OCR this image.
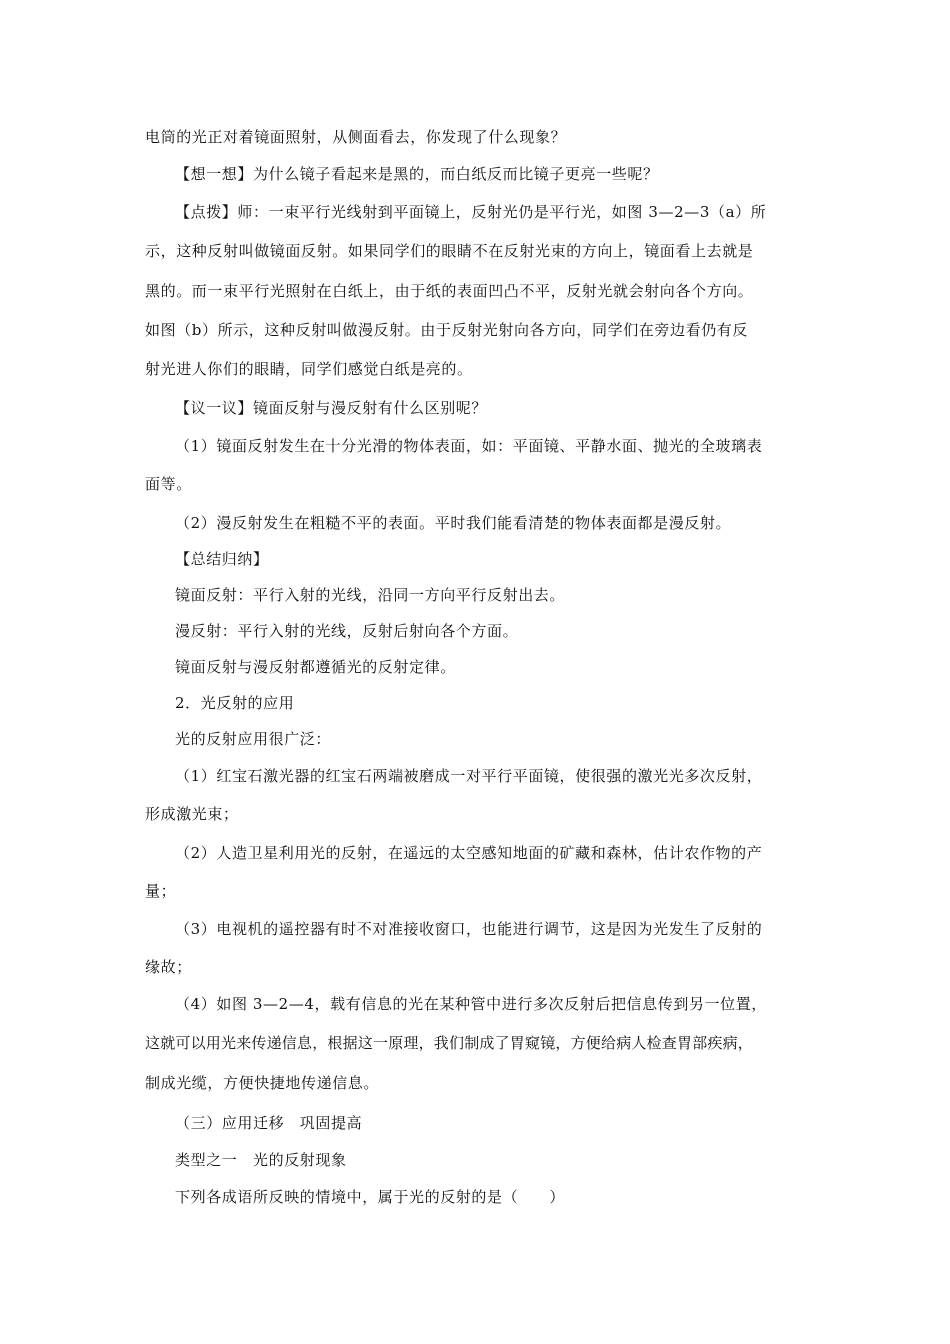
电筒的光正对着镜面照射，从侧面看去，你发现了什么现象？
【想一想】为什么镜子看起来是黑的，而白纸反而比镜子更亮一些呢？
【点拨】师：一束平行光线射到平面镜上，反射光仍是平行光，如图 3—2—3（a）所
示，这种反射叫做镜面反射。如果同学们的眼睛不在反射光束的方向上，镜面看上去就是
黑的。而一束平行光照射在白纸上，由于纸的表面凹凸不平，反射光就会射向各个方向。
如图（b）所示，这种反射叫做漫反射。由于反射光射向各方向，同学们在旁边看仍有反
射光进人你们的眼睛，同学们感觉白纸是亮的。
【议一议】镜面反射与漫反射有什么区别呢？
（1）镜面反射发生在十分光滑的物体表面，如：平面镜、平静水面、抛光的全玻璃表
面等。
（2）漫反射发生在粗糙不平的表面。平时我们能看清楚的物体表面都是漫反射。
【总结归纳】
镜面反射：平行入射的光线，沿同一方向平行反射出去。
漫反射：平行入射的光线，反射后射向各个方面。
镜面反射与漫反射都遵循光的反射定律。
2．光反射的应用
光的反射应用很广泛：
（1）红宝石激光器的红宝石两端被磨成一对平行平面镜，使很强的激光光多次反射，
形成激光束；
（2）人造卫星利用光的反射，在遥远的太空感知地面的矿藏和森林，估计农作物的产
量；
（3）电视机的遥控器有时不对准接收窗口，也能进行调节，这是因为光发生了反射的
缘故；
（4）如图 3—2—4，载有信息的光在某种管中进行多次反射后把信息传到另一位置，
这就可以用光来传递信息，根据这一原理，我们制成了胃窥镜，方便给病人检查胃部疾病，
制成光缆，方便快捷地传递信息。
（三）应用迁移　巩固提高
类型之一　光的反射现象
下列各成语所反映的情境中，属于光的反射的是（　　）
